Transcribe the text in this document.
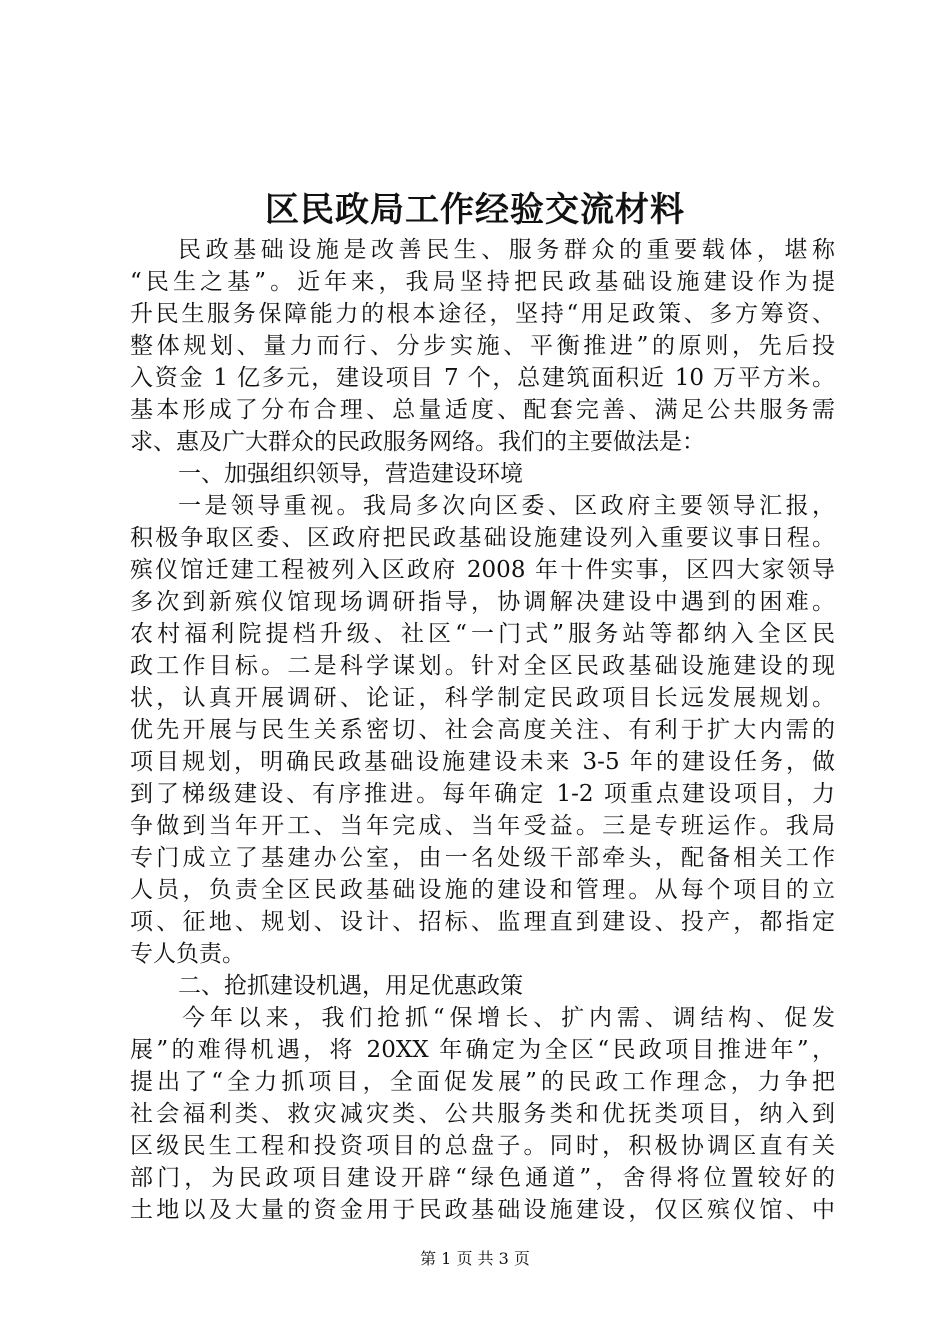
区民政局工作经验交流材料
民政基础设施是改善民生、服务群众的重要载体，堪称
“民生之基”。近年来，我局坚持把民政基础设施建设作为提
升民生服务保障能力的根本途径，坚持“用足政策、多方筹资、
整体规划、量力而行、分步实施、平衡推进”的原则，先后投
入资金 1 亿多元，建设项目 7 个，总建筑面积近 10 万平方米。
基本形成了分布合理、总量适度、配套完善、满足公共服务需
求、惠及广大群众的民政服务网络。我们的主要做法是：
一、加强组织领导，营造建设环境
一是领导重视。我局多次向区委、区政府主要领导汇报，
积极争取区委、区政府把民政基础设施建设列入重要议事日程。
殡仪馆迁建工程被列入区政府 2008 年十件实事，区四大家领导
多次到新殡仪馆现场调研指导，协调解决建设中遇到的困难。
农村福利院提档升级、社区“一门式”服务站等都纳入全区民
政工作目标。二是科学谋划。针对全区民政基础设施建设的现
状，认真开展调研、论证，科学制定民政项目长远发展规划。
优先开展与民生关系密切、社会高度关注、有利于扩大内需的
项目规划，明确民政基础设施建设未来 3-5 年的建设任务，做
到了梯级建设、有序推进。每年确定 1-2 项重点建设项目，力
争做到当年开工、当年完成、当年受益。三是专班运作。我局
专门成立了基建办公室，由一名处级干部牵头，配备相关工作
人员，负责全区民政基础设施的建设和管理。从每个项目的立
项、征地、规划、设计、招标、监理直到建设、投产，都指定
专人负责。
二、抢抓建设机遇，用足优惠政策
今年以来，我们抢抓“保增长、扩内需、调结构、促发
展”的难得机遇，将 20XX 年确定为全区“民政项目推进年”，
提出了“全力抓项目，全面促发展”的民政工作理念，力争把
社会福利类、救灾减灾类、公共服务类和优抚类项目，纳入到
区级民生工程和投资项目的总盘子。同时，积极协调区直有关
部门，为民政项目建设开辟“绿色通道”，舍得将位置较好的
土地以及大量的资金用于民政基础设施建设，仅区殡仪馆、中
第 1 页 共 3 页
